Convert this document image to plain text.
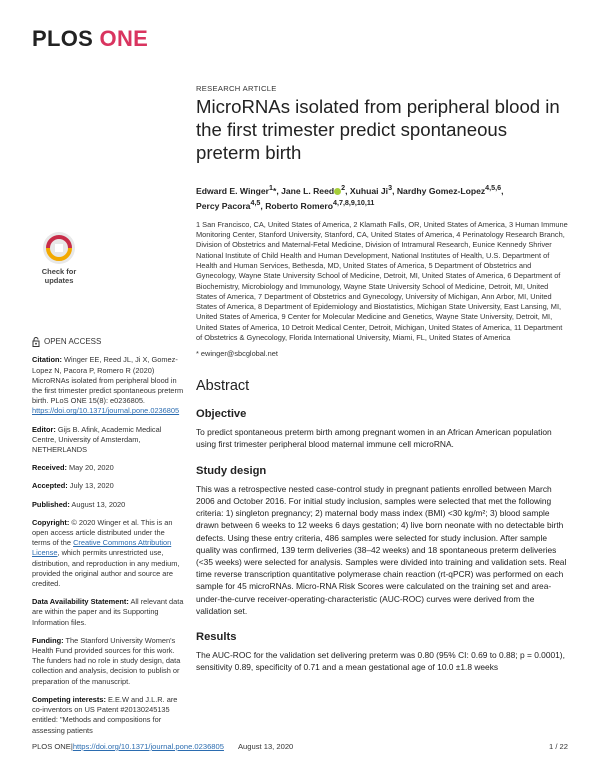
PLOS ONE
Check for
updates
OPEN ACCESS
Citation: Winger EE, Reed JL, Ji X, Gomez-Lopez N, Pacora P, Romero R (2020) MicroRNAs isolated from peripheral blood in the first trimester predict spontaneous preterm birth. PLoS ONE 15(8): e0236805. https://doi.org/10.1371/journal.pone.0236805
Editor: Gijs B. Afink, Academic Medical Centre, University of Amsterdam, NETHERLANDS
Received: May 20, 2020
Accepted: July 13, 2020
Published: August 13, 2020
Copyright: © 2020 Winger et al. This is an open access article distributed under the terms of the Creative Commons Attribution License, which permits unrestricted use, distribution, and reproduction in any medium, provided the original author and source are credited.
Data Availability Statement: All relevant data are within the paper and its Supporting Information files.
Funding: The Stanford University Women's Health Fund provided sources for this work. The funders had no role in study design, data collection and analysis, decision to publish or preparation of the manuscript.
Competing interests: E.E.W and J.L.R. are co-inventors on US Patent #20130245135 entitled: "Methods and compositions for assessing patients
RESEARCH ARTICLE
MicroRNAs isolated from peripheral blood in the first trimester predict spontaneous preterm birth
Edward E. Winger$^1$*, Jane L. Reed $^2$, Xuhuai Ji$^3$, Nardhy Gomez-Lopez$^{4,5,6}$,
Percy Pacora$^{4,5}$, Roberto Romero$^{4,7,8,9,10,11}$
1 San Francisco, CA, United States of America, 2 Klamath Falls, OR, United States of America, 3 Human Immune Monitoring Center, Stanford University, Stanford, CA, United States of America, 4 Perinatology Research Branch, Division of Obstetrics and Maternal-Fetal Medicine, Division of Intramural Research, Eunice Kennedy Shriver National Institute of Child Health and Human Development, National Institutes of Health, U.S. Department of Health and Human Services, Bethesda, MD, United States of America, 5 Department of Obstetrics and Gynecology, Wayne State University School of Medicine, Detroit, MI, United States of America, 6 Department of Biochemistry, Microbiology and Immunology, Wayne State University School of Medicine, Detroit, MI, United States of America, 7 Department of Obstetrics and Gynecology, University of Michigan, Ann Arbor, MI, United States of America, 8 Department of Epidemiology and Biostatistics, Michigan State University, East Lansing, MI, United States of America, 9 Center for Molecular Medicine and Genetics, Wayne State University, Detroit, MI, United States of America, 10 Detroit Medical Center, Detroit, Michigan, United States of America, 11 Department of Obstetrics & Gynecology, Florida International University, Miami, FL, United States of America
* ewinger@sbcglobal.net
Abstract
Objective
To predict spontaneous preterm birth among pregnant women in an African American population using first trimester peripheral blood maternal immune cell microRNA.
Study design
This was a retrospective nested case-control study in pregnant patients enrolled between March 2006 and October 2016. For initial study inclusion, samples were selected that met the following criteria: 1) singleton pregnancy; 2) maternal body mass index (BMI) <30 kg/m²; 3) blood sample drawn between 6 weeks to 12 weeks 6 days gestation; 4) live born neonate with no detectable birth defects. Using these entry criteria, 486 samples were selected for study inclusion. After sample quality was confirmed, 139 term deliveries (38–42 weeks) and 18 spontaneous preterm deliveries (<35 weeks) were selected for analysis. Samples were divided into training and validation sets. Real time reverse transcription quantitative polymerase chain reaction (rt-qPCR) was performed on each sample for 45 microRNAs. Micro-RNA Risk Scores were calculated on the training set and area-under-the-curve receiver-operating-characteristic (AUC-ROC) curves were derived from the validation set.
Results
The AUC-ROC for the validation set delivering preterm was 0.80 (95% CI: 0.69 to 0.88; p = 0.0001), sensitivity 0.89, specificity of 0.71 and a mean gestational age of 10.0 ±1.8 weeks
PLOS ONE | https://doi.org/10.1371/journal.pone.0236805 August 13, 2020	1 / 22
